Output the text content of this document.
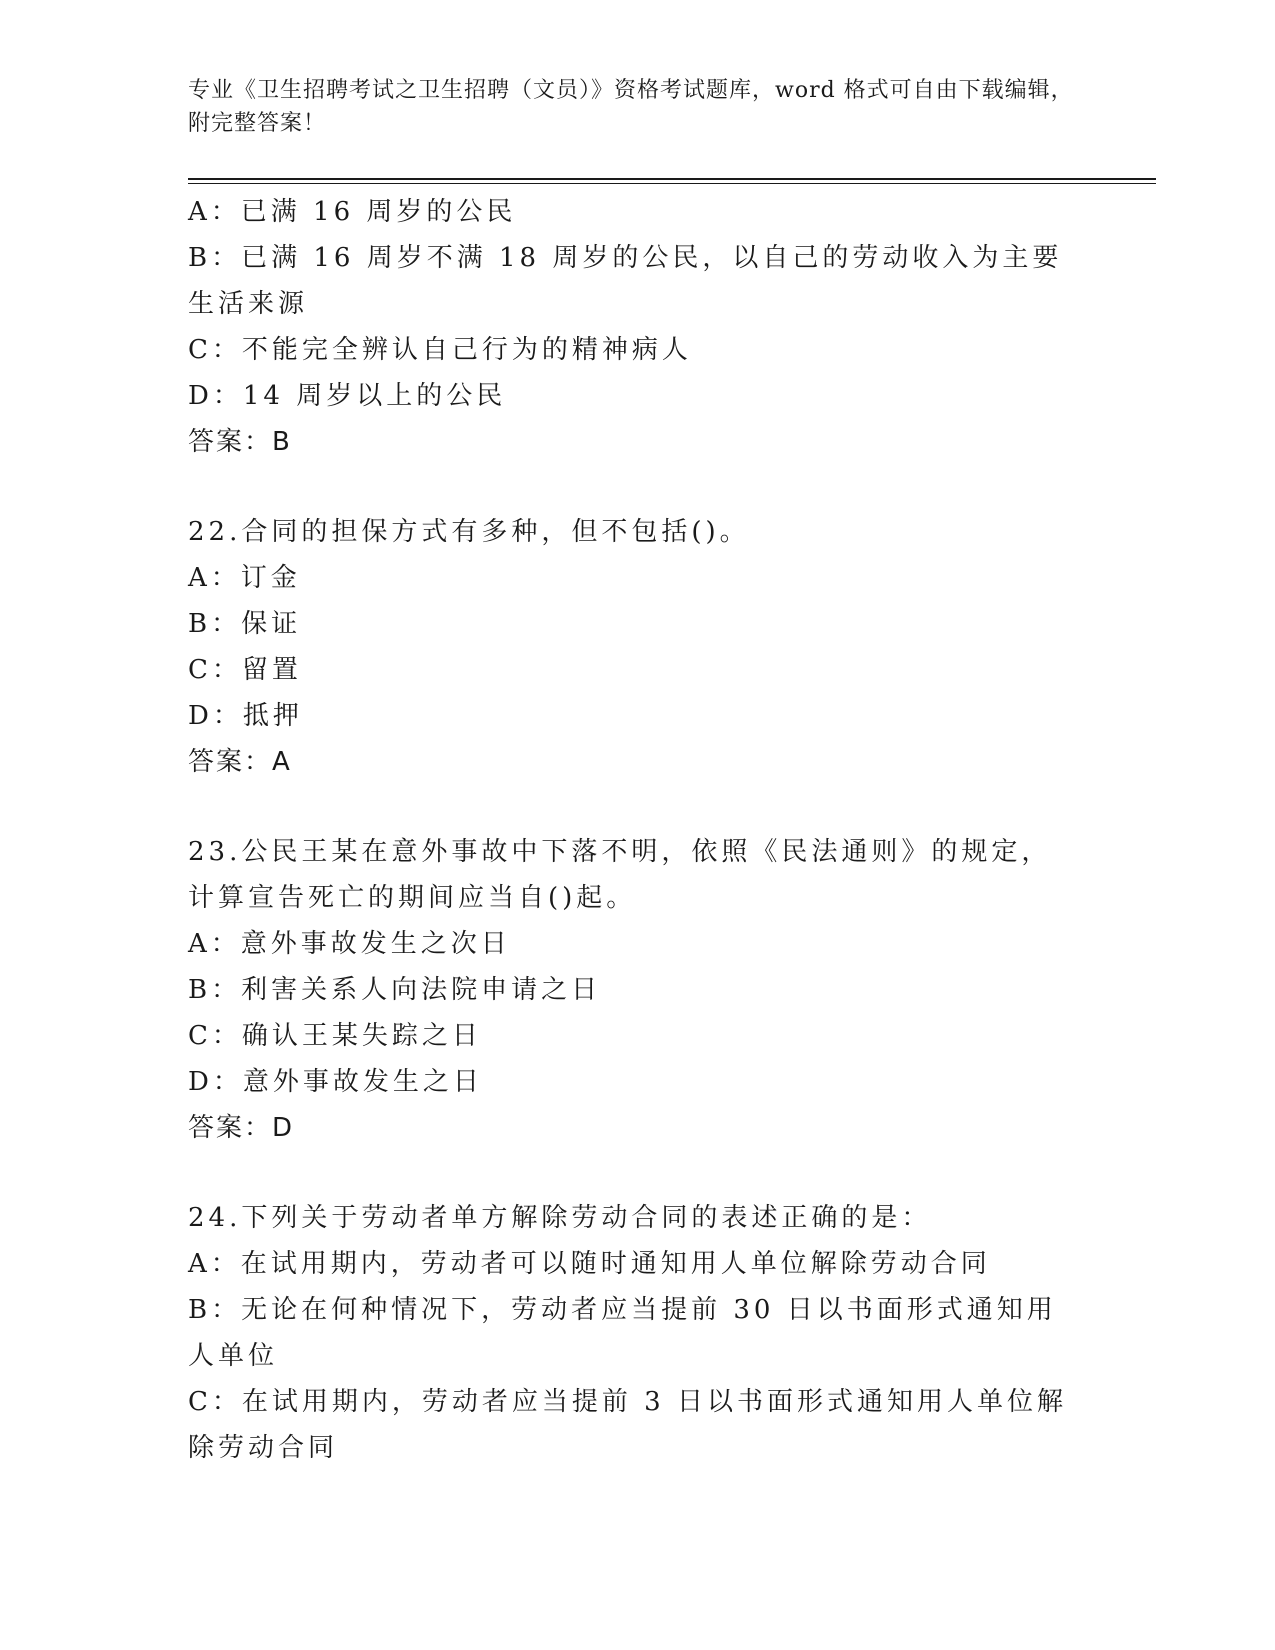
专业《卫生招聘考试之卫生招聘（文员）》资格考试题库，word 格式可自由下载编辑，附完整答案！
A：已满 16 周岁的公民
B：已满 16 周岁不满 18 周岁的公民，以自己的劳动收入为主要生活来源
C：不能完全辨认自己行为的精神病人
D：14 周岁以上的公民
答案：B
22.合同的担保方式有多种，但不包括()。
A：订金
B：保证
C：留置
D：抵押
答案：A
23.公民王某在意外事故中下落不明，依照《民法通则》的规定，计算宣告死亡的期间应当自()起。
A：意外事故发生之次日
B：利害关系人向法院申请之日
C：确认王某失踪之日
D：意外事故发生之日
答案：D
24.下列关于劳动者单方解除劳动合同的表述正确的是：
A：在试用期内，劳动者可以随时通知用人单位解除劳动合同
B：无论在何种情况下，劳动者应当提前 30 日以书面形式通知用人单位
C：在试用期内，劳动者应当提前 3 日以书面形式通知用人单位解除劳动合同
